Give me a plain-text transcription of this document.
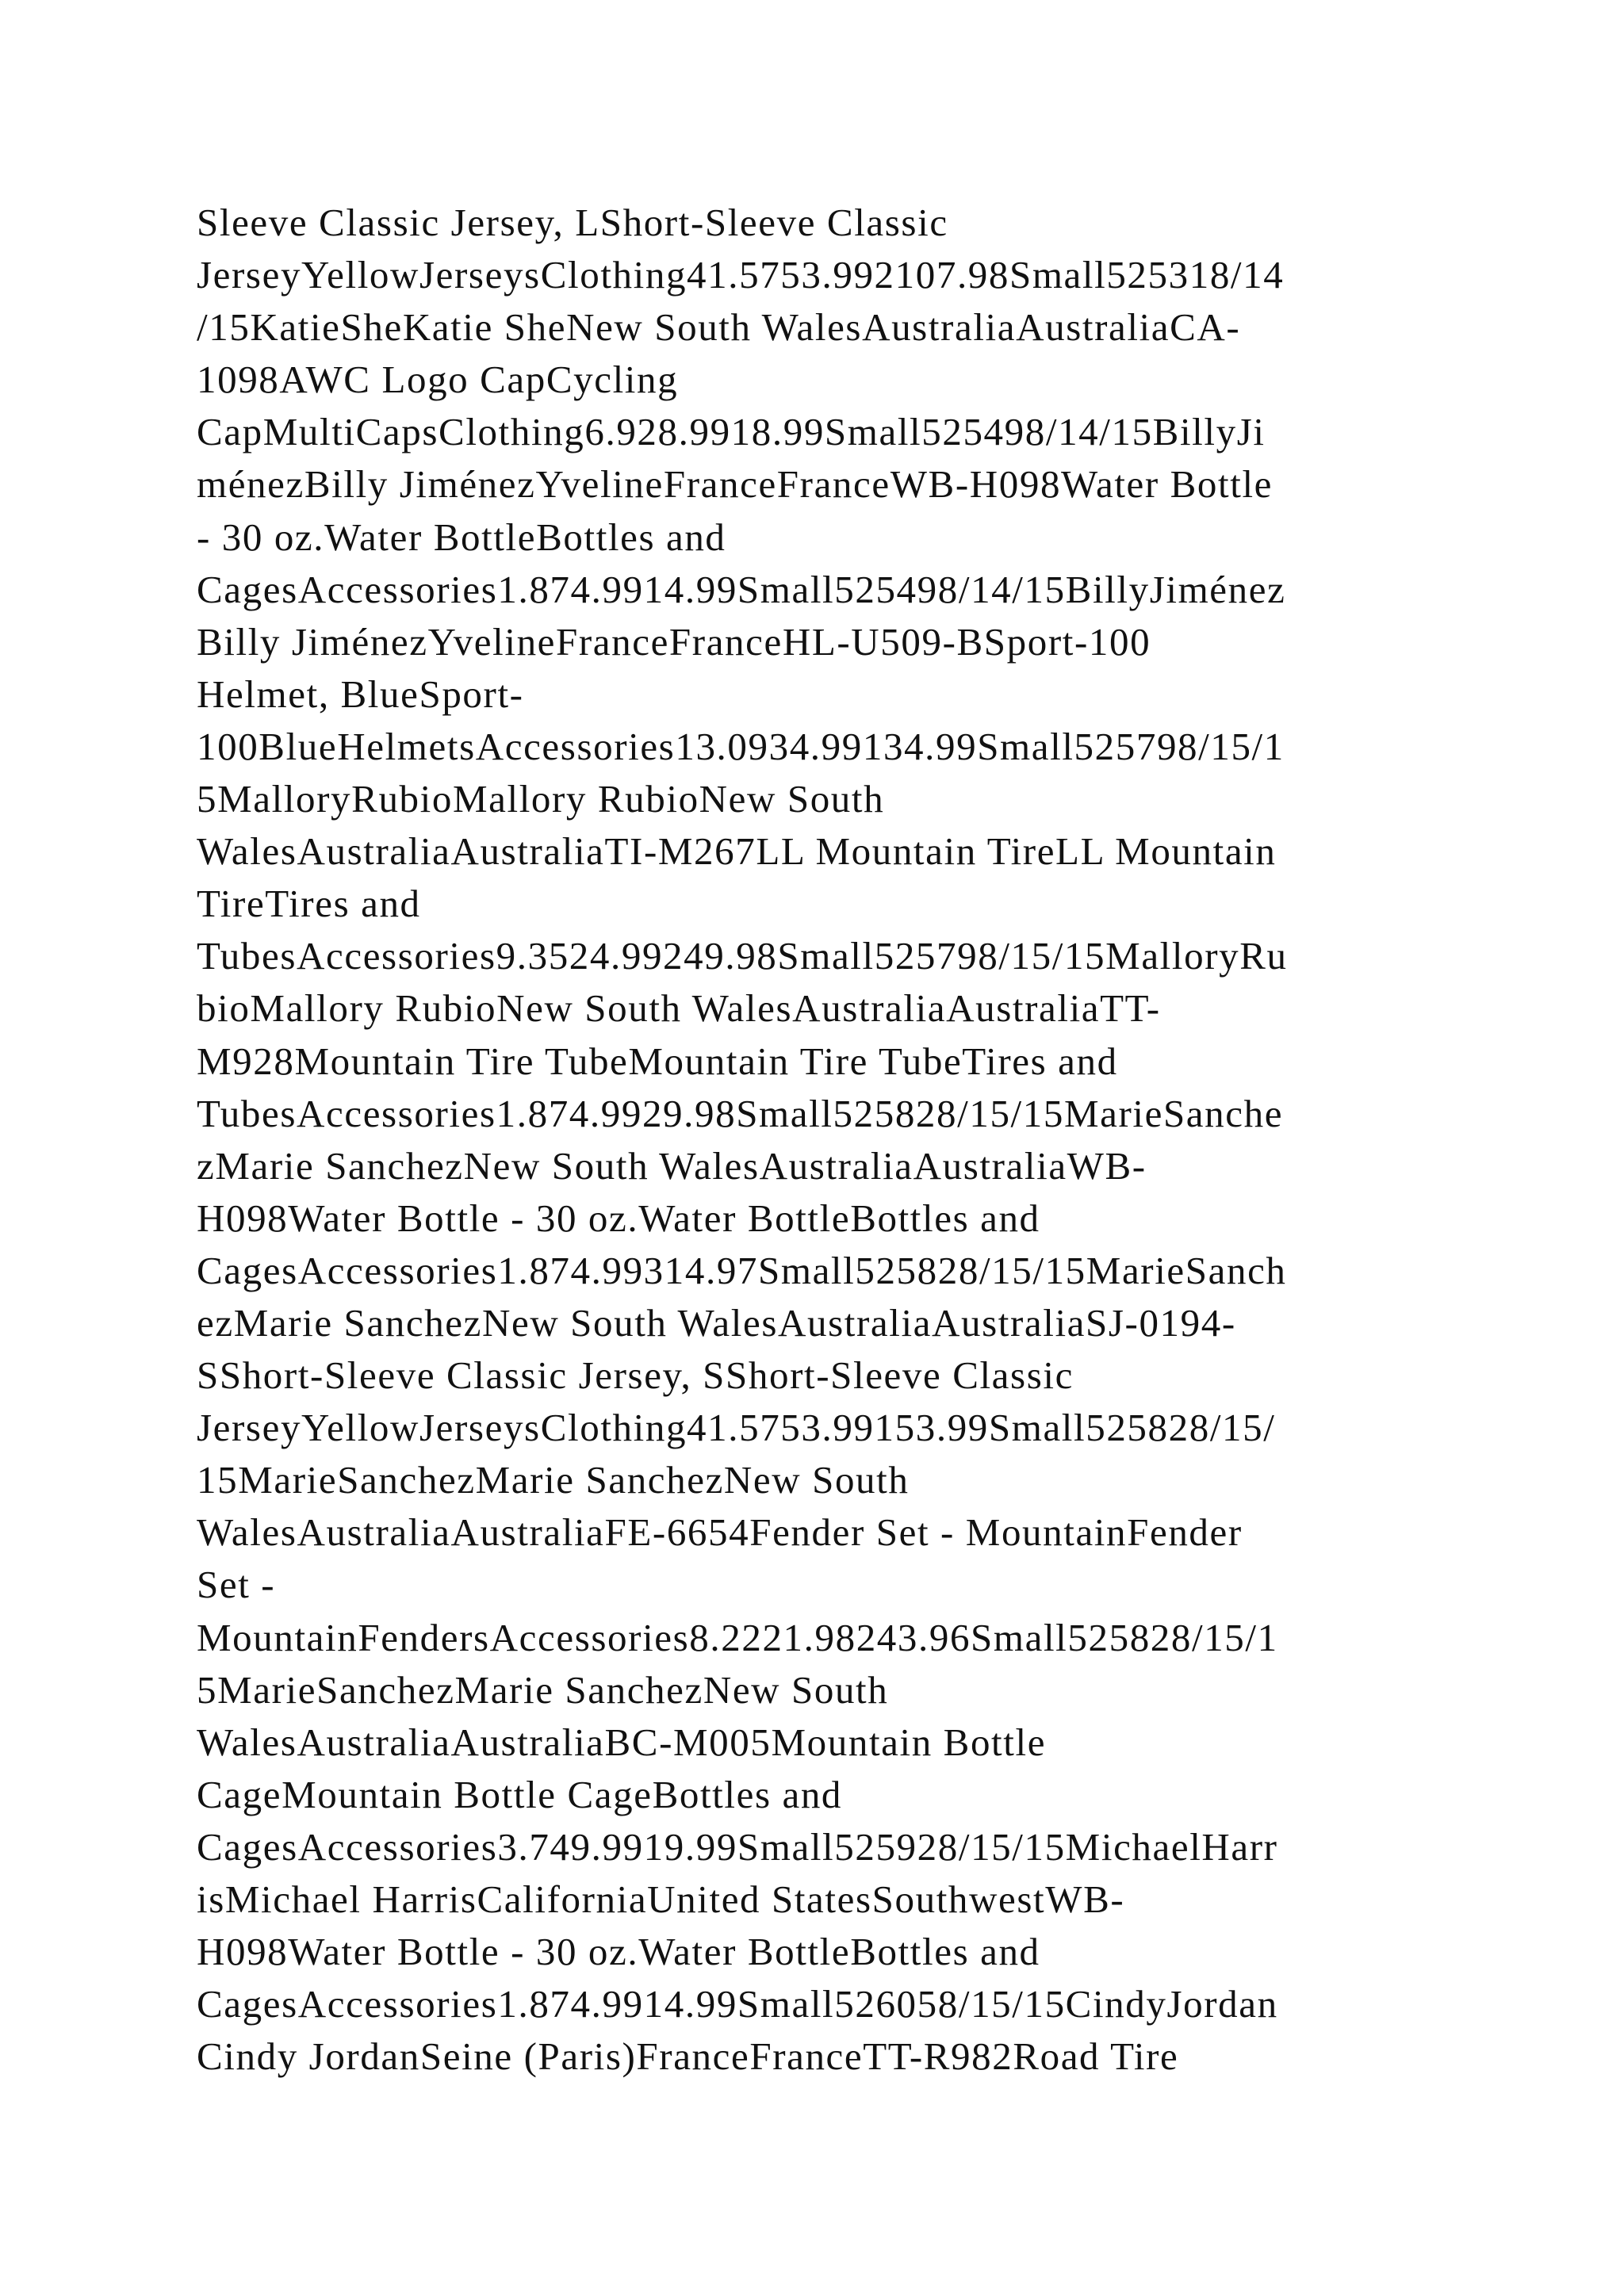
Sleeve Classic Jersey, LShort-Sleeve Classic
JerseyYellowJerseysClothing41.5753.992107.98Small525318/14
/15KatieSheKatie SheNew South WalesAustraliaAustraliaCA-
1098AWC Logo CapCycling
CapMultiCapsClothing6.928.9918.99Small525498/14/15BillyJi
ménezBilly JiménezYvelineFranceFranceWB-H098Water Bottle
- 30 oz.Water BottleBottles and
CagesAccessories1.874.9914.99Small525498/14/15BillyJiménez
Billy JiménezYvelineFranceFranceHL-U509-BSport-100
Helmet, BlueSport-
100BlueHelmetsAccessories13.0934.99134.99Small525798/15/1
5MalloryRubioMallory RubioNew South
WalesAustraliaAustraliaTI-M267LL Mountain TireLL Mountain
TireTires and
TubesAccessories9.3524.99249.98Small525798/15/15MalloryRu
bioMallory RubioNew South WalesAustraliaAustraliaTT-
M928Mountain Tire TubeMountain Tire TubeTires and
TubesAccessories1.874.9929.98Small525828/15/15MarieSanche
zMarie SanchezNew South WalesAustraliaAustraliaWB-
H098Water Bottle - 30 oz.Water BottleBottles and
CagesAccessories1.874.99314.97Small525828/15/15MarieSanch
ezMarie SanchezNew South WalesAustraliaAustraliaSJ-0194-
SShort-Sleeve Classic Jersey, SShort-Sleeve Classic
JerseyYellowJerseysClothing41.5753.99153.99Small525828/15/
15MarieSanchezMarie SanchezNew South
WalesAustraliaAustraliaFE-6654Fender Set - MountainFender
Set -
MountainFendersAccessories8.2221.98243.96Small525828/15/1
5MarieSanchezMarie SanchezNew South
WalesAustraliaAustraliaBC-M005Mountain Bottle
CageMountain Bottle CageBottles and
CagesAccessories3.749.9919.99Small525928/15/15MichaelHarr
isMichael HarrisCaliforniaUnited StatesSouthwestWB-
H098Water Bottle - 30 oz.Water BottleBottles and
CagesAccessories1.874.9914.99Small526058/15/15CindyJordan
Cindy JordanSeine (Paris)FranceFranceTT-R982Road Tire
